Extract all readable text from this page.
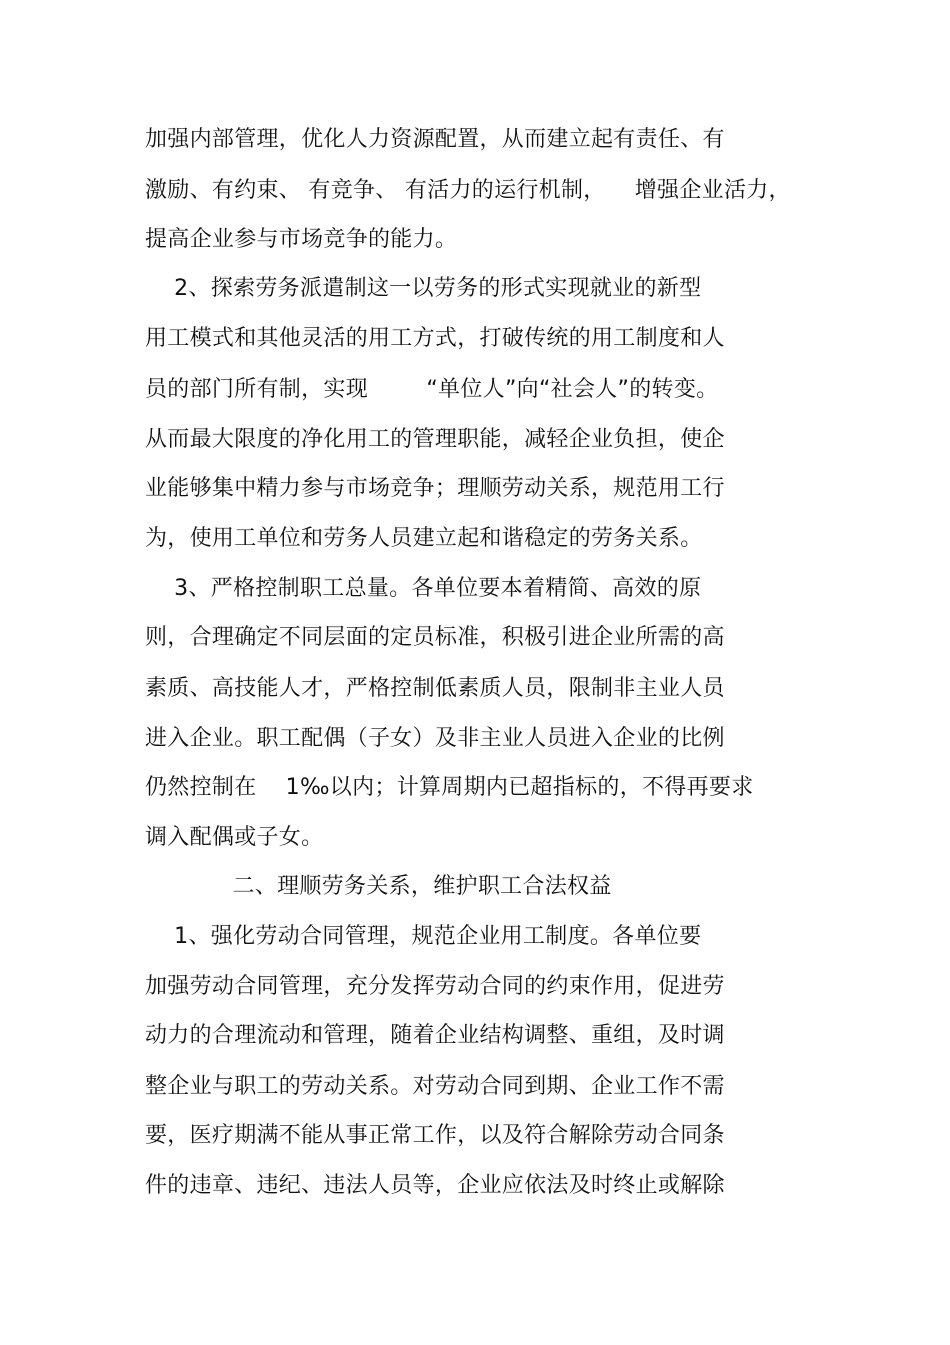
加强内部管理，优化人力资源配置，从而建立起有责任、有
激励、有约束、 有竞争、 有活力的运行机制，    增强企业活力，
提高企业参与市场竞争的能力。
2、探索劳务派遣制这一以劳务的形式实现就业的新型
用工模式和其他灵活的用工方式，打破传统的用工制度和人
员的部门所有制，实现        “单位人”向“社会人”的转变。
从而最大限度的净化用工的管理职能，减轻企业负担，使企
业能够集中精力参与市场竞争；理顺劳动关系，规范用工行
为，使用工单位和劳务人员建立起和谐稳定的劳务关系。
3、严格控制职工总量。各单位要本着精简、高效的原
则，合理确定不同层面的定员标准，积极引进企业所需的高
素质、高技能人才，严格控制低素质人员，限制非主业人员
进入企业。职工配偶（子女）及非主业人员进入企业的比例
仍然控制在    1‰以内；计算周期内已超指标的，不得再要求
调入配偶或子女。
二、理顺劳务关系，维护职工合法权益
1、强化劳动合同管理，规范企业用工制度。各单位要
加强劳动合同管理，充分发挥劳动合同的约束作用，促进劳
动力的合理流动和管理，随着企业结构调整、重组，及时调
整企业与职工的劳动关系。对劳动合同到期、企业工作不需
要，医疗期满不能从事正常工作，以及符合解除劳动合同条
件的违章、违纪、违法人员等，企业应依法及时终止或解除
